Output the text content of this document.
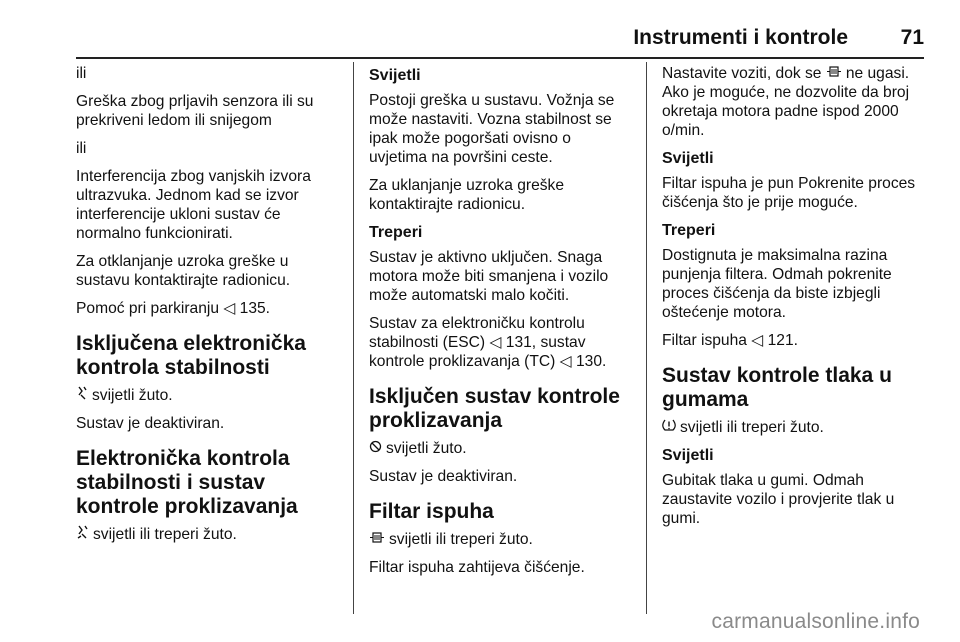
Instrumenti i kontrole	71

ili

Greška zbog prljavih senzora ili su prekriveni ledom ili snijegom

ili

Interferencija zbog vanjskih izvora ultrazvuka. Jednom kad se izvor interferencije ukloni sustav će normalno funkcionirati.

Za otklanjanje uzroka greške u sustavu kontaktirajte radionicu.

Pomoć pri parkiranju ◁ 135.

Isključena elektronička kontrola stabilnosti

svijetli žuto.

Sustav je deaktiviran.

Elektronička kontrola stabilnosti i sustav kontrole proklizavanja

svijetli ili treperi žuto.

Svijetli

Postoji greška u sustavu. Vožnja se može nastaviti. Vozna stabilnost se ipak može pogoršati ovisno o uvjetima na površini ceste.

Za uklanjanje uzroka greške kontaktirajte radionicu.

Treperi

Sustav je aktivno uključen. Snaga motora može biti smanjena i vozilo može automatski malo kočiti.

Sustav za elektroničku kontrolu stabilnosti (ESC) ◁ 131, sustav kontrole proklizavanja (TC) ◁ 130.

Isključen sustav kontrole proklizavanja

svijetli žuto.

Sustav je deaktiviran.

Filtar ispuha

svijetli ili treperi žuto.

Filtar ispuha zahtijeva čišćenje.

Nastavite voziti, dok se ne ugasi. Ako je moguće, ne dozvolite da broj okretaja motora padne ispod 2000 o/min.

Svijetli

Filtar ispuha je pun Pokrenite proces čišćenja što je prije moguće.

Treperi

Dostignuta je maksimalna razina punjenja filtera. Odmah pokrenite proces čišćenja da biste izbjegli oštećenje motora.

Filtar ispuha ◁ 121.

Sustav kontrole tlaka u gumama

svijetli ili treperi žuto.

Svijetli

Gubitak tlaka u gumi. Odmah zaustavite vozilo i provjerite tlak u gumi.

carmanualsonline.info
